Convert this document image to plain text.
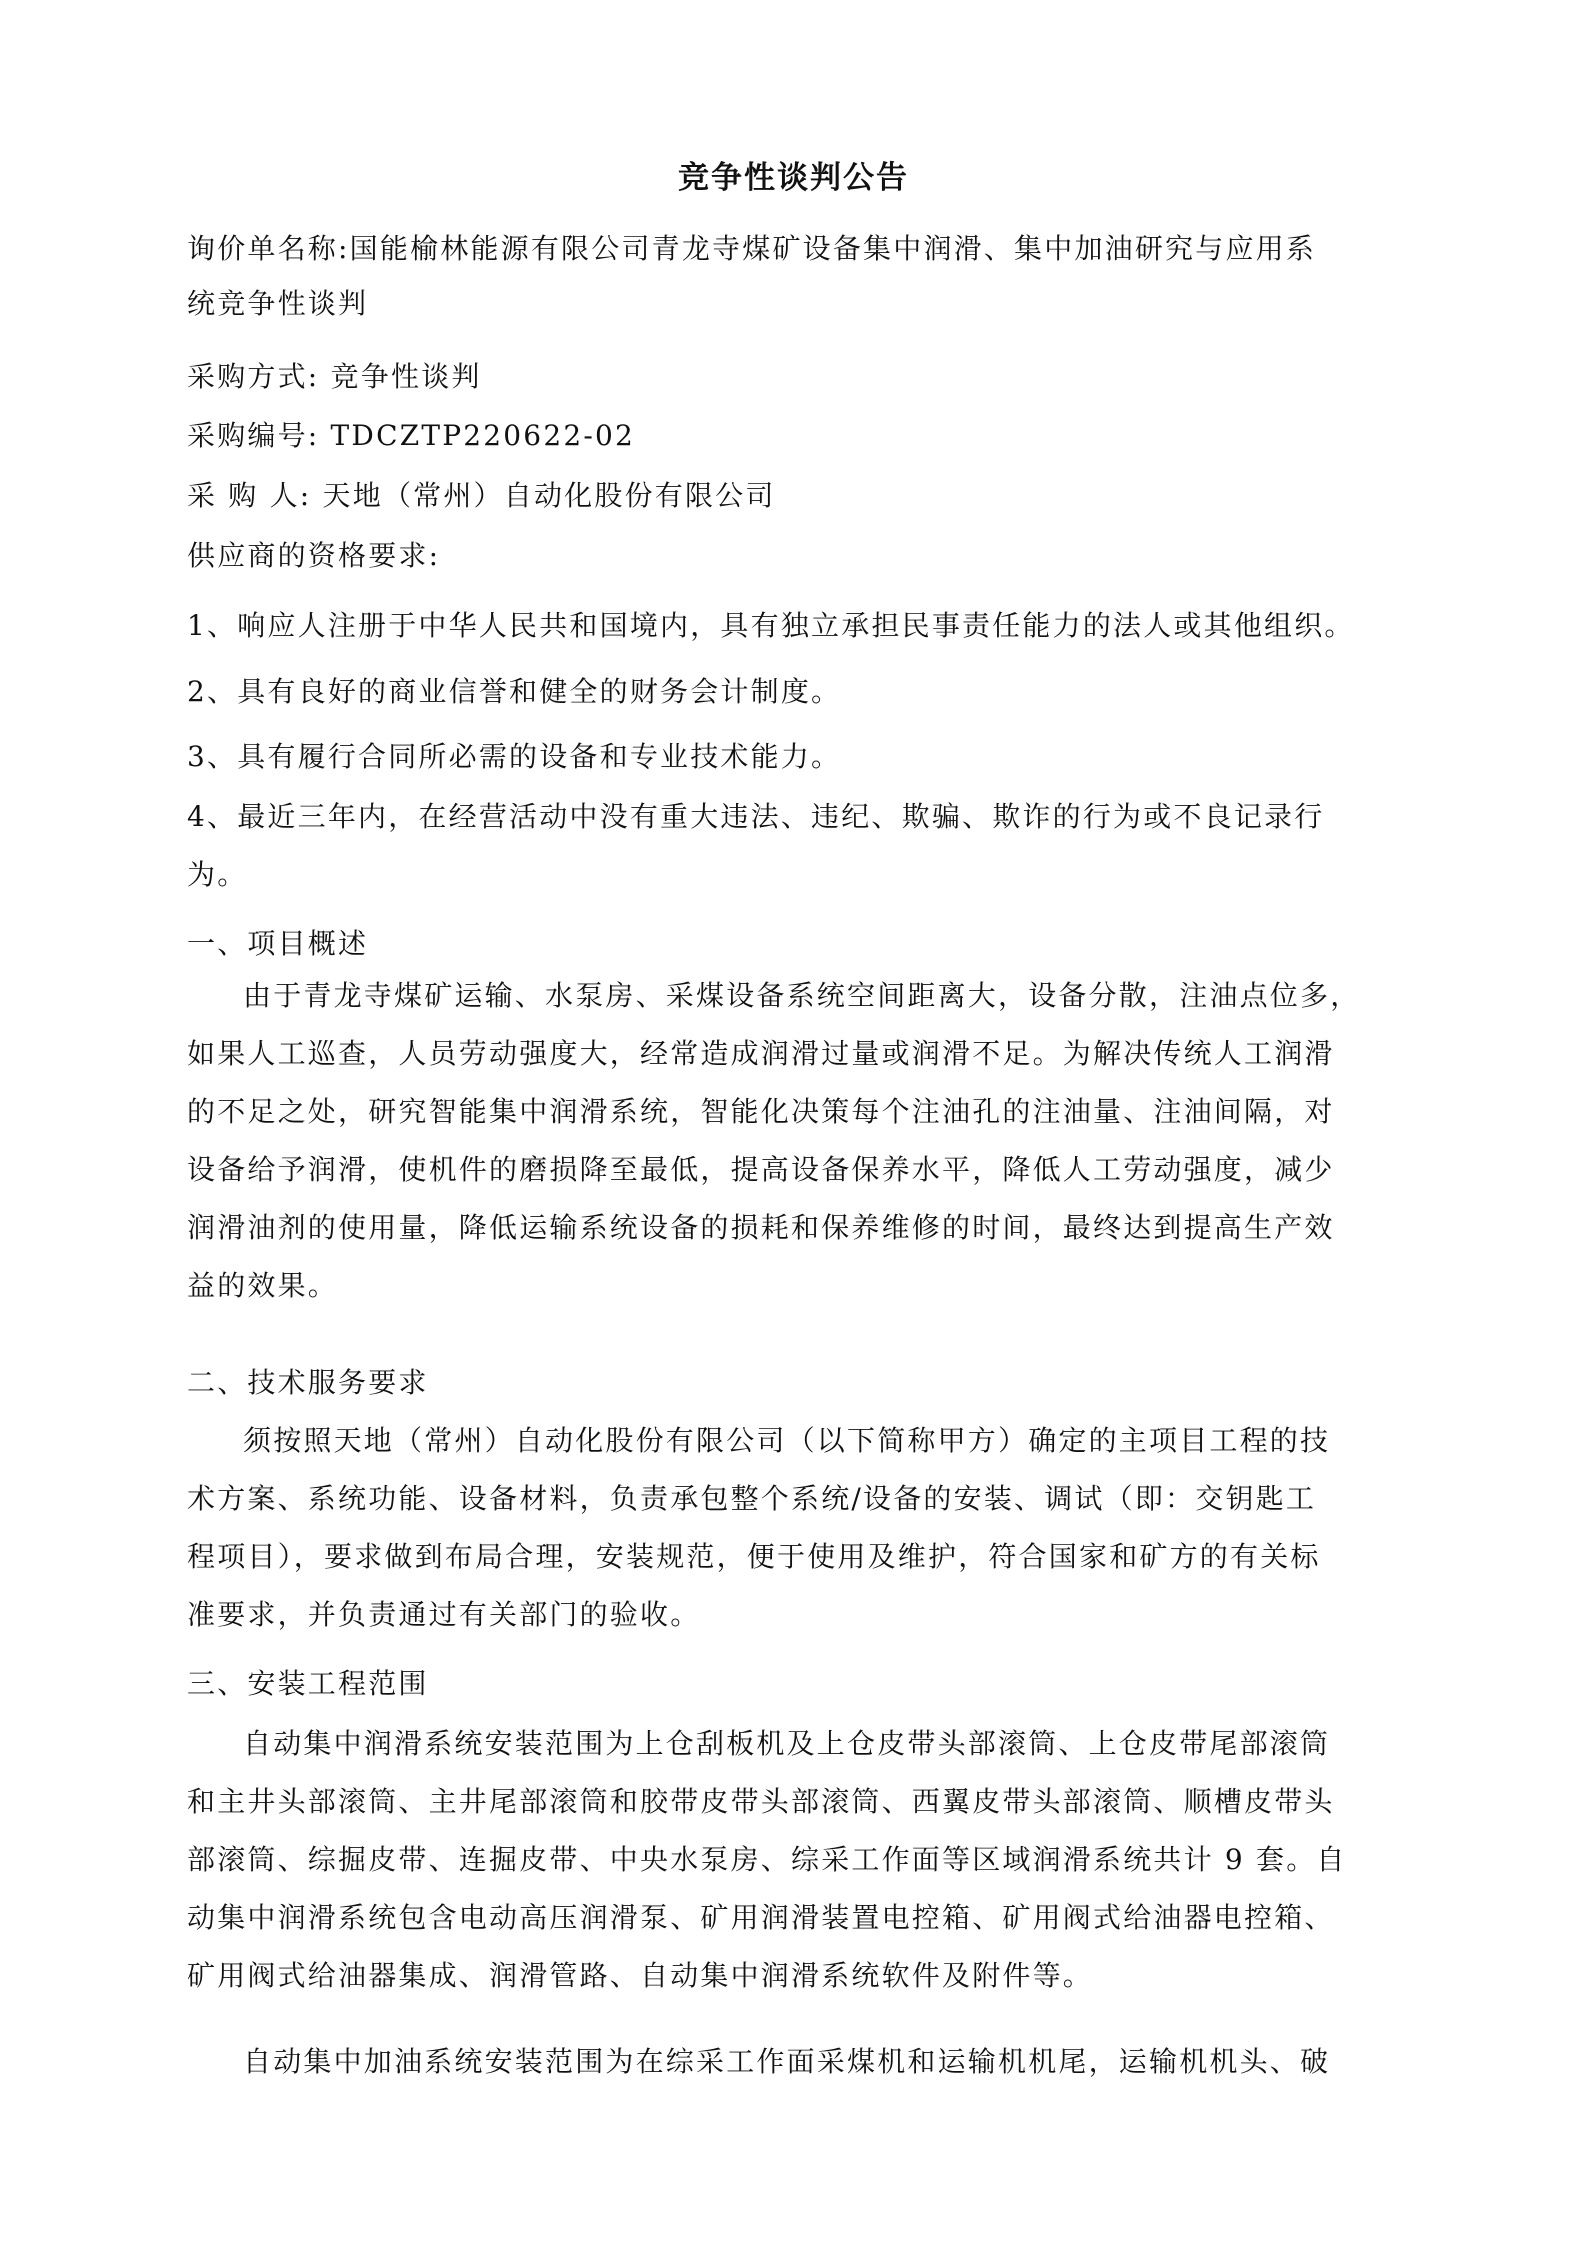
竞争性谈判公告
询价单名称:国能榆林能源有限公司青龙寺煤矿设备集中润滑、集中加油研究与应用系
统竞争性谈判
采购方式: 竞争性谈判
采购编号: TDCZTP220622-02
采 购 人: 天地（常州）自动化股份有限公司
供应商的资格要求:
1、响应人注册于中华人民共和国境内，具有独立承担民事责任能力的法人或其他组织。
2、具有良好的商业信誉和健全的财务会计制度。
3、具有履行合同所必需的设备和专业技术能力。
4、最近三年内，在经营活动中没有重大违法、违纪、欺骗、欺诈的行为或不良记录行
为。
一、项目概述
由于青龙寺煤矿运输、水泵房、采煤设备系统空间距离大，设备分散，注油点位多，
如果人工巡查，人员劳动强度大，经常造成润滑过量或润滑不足。为解决传统人工润滑
的不足之处，研究智能集中润滑系统，智能化决策每个注油孔的注油量、注油间隔，对
设备给予润滑，使机件的磨损降至最低，提高设备保养水平，降低人工劳动强度，减少
润滑油剂的使用量，降低运输系统设备的损耗和保养维修的时间，最终达到提高生产效
益的效果。
二、技术服务要求
须按照天地（常州）自动化股份有限公司（以下简称甲方）确定的主项目工程的技
术方案、系统功能、设备材料，负责承包整个系统/设备的安装、调试（即：交钥匙工
程项目），要求做到布局合理，安装规范，便于使用及维护，符合国家和矿方的有关标
准要求，并负责通过有关部门的验收。
三、安装工程范围
自动集中润滑系统安装范围为上仓刮板机及上仓皮带头部滚筒、上仓皮带尾部滚筒
和主井头部滚筒、主井尾部滚筒和胶带皮带头部滚筒、西翼皮带头部滚筒、顺槽皮带头
部滚筒、综掘皮带、连掘皮带、中央水泵房、综采工作面等区域润滑系统共计 9 套。自
动集中润滑系统包含电动高压润滑泵、矿用润滑装置电控箱、矿用阀式给油器电控箱、
矿用阀式给油器集成、润滑管路、自动集中润滑系统软件及附件等。
自动集中加油系统安装范围为在综采工作面采煤机和运输机机尾，运输机机头、破
